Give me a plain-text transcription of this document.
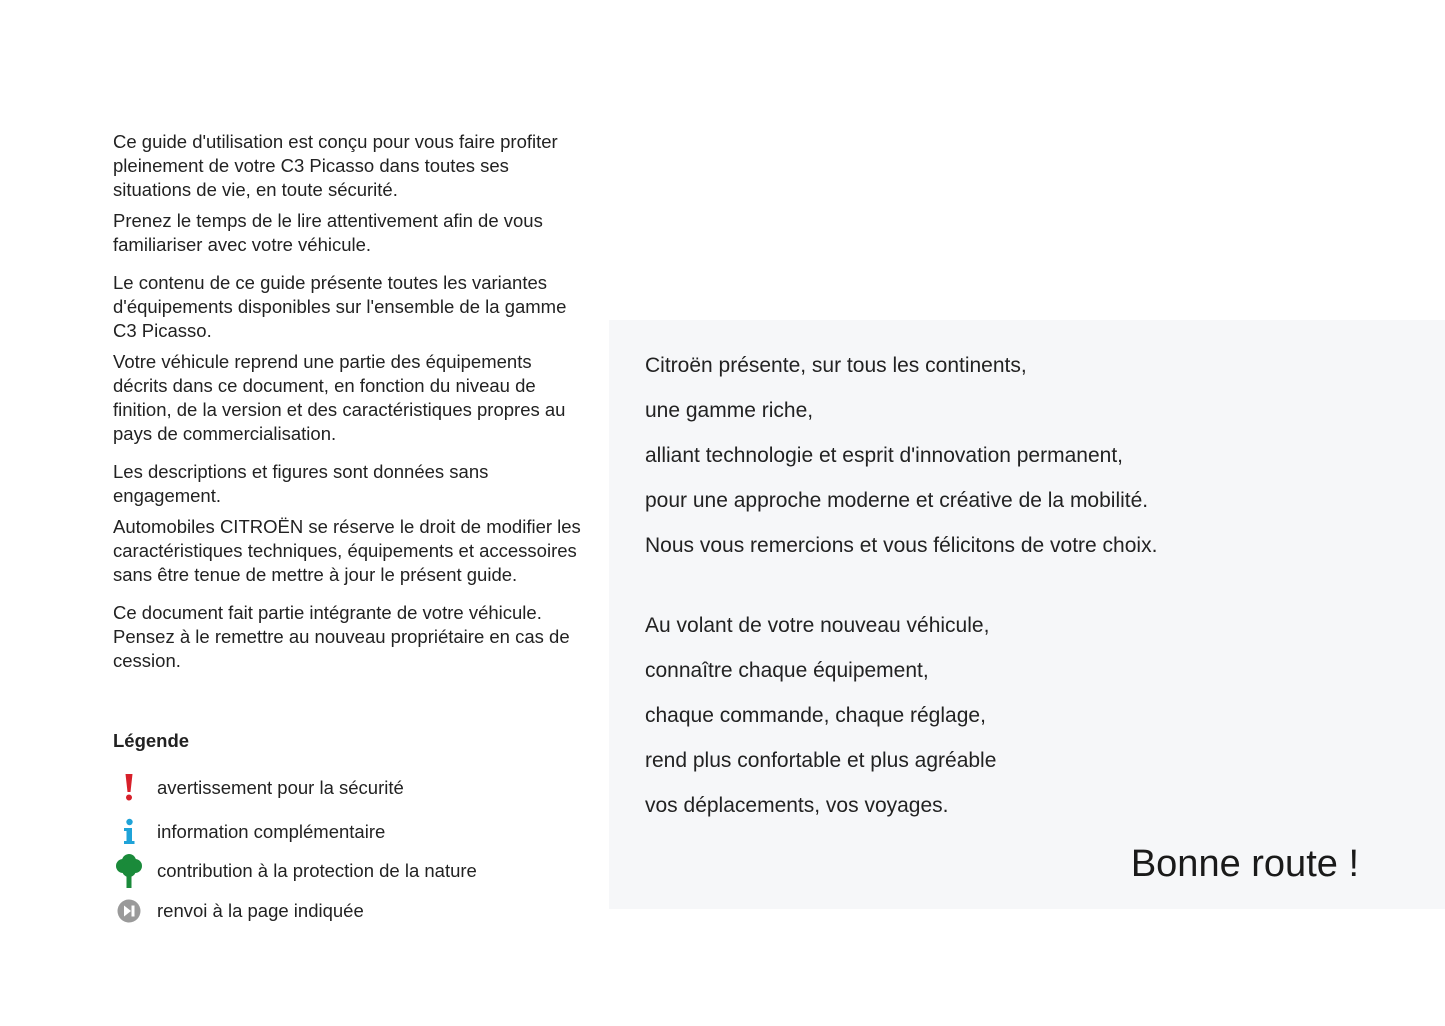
Ce guide d'utilisation est conçu pour vous faire profiter pleinement de votre C3 Picasso dans toutes ses situations de vie, en toute sécurité.

Prenez le temps de le lire attentivement afin de vous familiariser avec votre véhicule.

Le contenu de ce guide présente toutes les variantes d'équipements disponibles sur l'ensemble de la gamme C3 Picasso.

Votre véhicule reprend une partie des équipements décrits dans ce document, en fonction du niveau de finition, de la version et des caractéristiques propres au pays de commercialisation.

Les descriptions et figures sont données sans engagement.

Automobiles CITROËN se réserve le droit de modifier les caractéristiques techniques, équipements et accessoires sans être tenue de mettre à jour le présent guide.

Ce document fait partie intégrante de votre véhicule. Pensez à le remettre au nouveau propriétaire en cas de cession.

Légende
avertissement pour la sécurité
information complémentaire
contribution à la protection de la nature
renvoi à la page indiquée
Citroën présente, sur tous les continents,
une gamme riche,
alliant technologie et esprit d'innovation permanent,
pour une approche moderne et créative de la mobilité.
Nous vous remercions et vous félicitons de votre choix.
Au volant de votre nouveau véhicule,
connaître chaque équipement,
chaque commande, chaque réglage,
rend plus confortable et plus agréable
vos déplacements, vos voyages.
Bonne route !
